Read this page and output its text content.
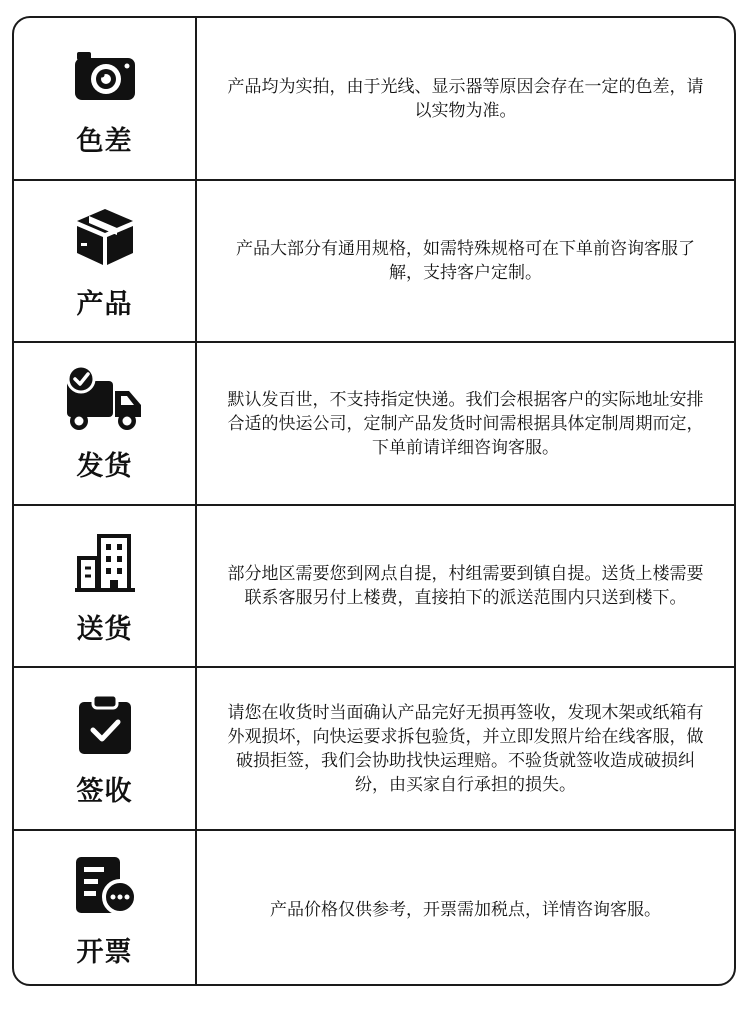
色差
产品均为实拍，由于光线、显示器等原因会存在一定的色差，请以实物为准。
产品
产品大部分有通用规格，如需特殊规格可在下单前咨询客服了解，支持客户定制。
发货
默认发百世，不支持指定快递。我们会根据客户的实际地址安排合适的快运公司，定制产品发货时间需根据具体定制周期而定，下单前请详细咨询客服。
送货
部分地区需要您到网点自提，村组需要到镇自提。送货上楼需要联系客服另付上楼费，直接拍下的派送范围内只送到楼下。
签收
请您在收货时当面确认产品完好无损再签收，发现木架或纸箱有外观损坏，向快运要求拆包验货，并立即发照片给在线客服，做破损拒签，我们会协助找快运理赔。不验货就签收造成破损纠纷，由买家自行承担的损失。
开票
产品价格仅供参考，开票需加税点，详情咨询客服。
